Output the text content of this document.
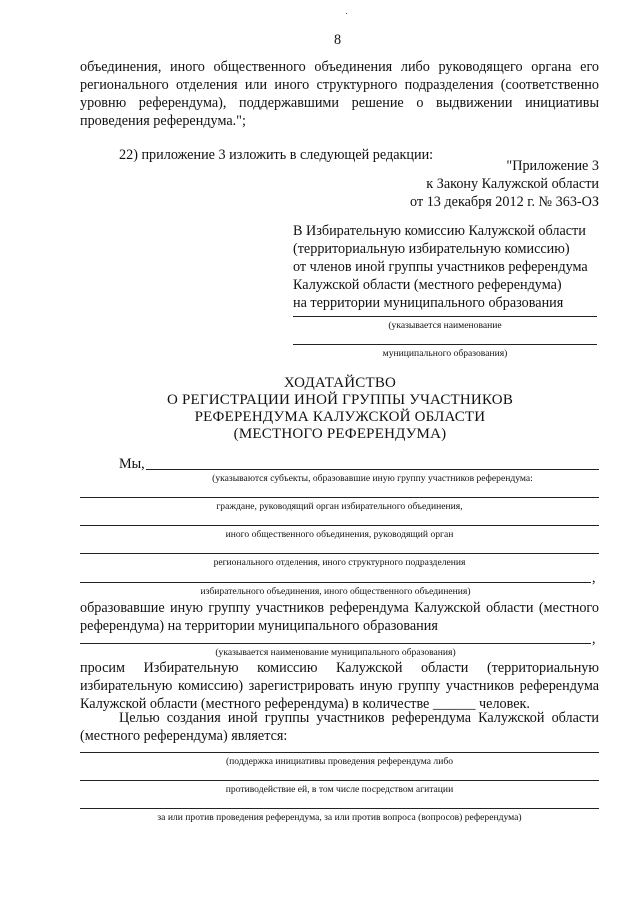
8
объединения, иного общественного объединения либо руководящего органа его
регионального отделения или иного структурного подразделения (соответственно
уровню референдума), поддержавшими решение о выдвижении инициативы
проведения референдума.";
22) приложение 3 изложить в следующей редакции:
"Приложение 3
к Закону Калужской области
от 13 декабря 2012 г. № 363-ОЗ
В Избирательную комиссию Калужской области
(территориальную избирательную комиссию)
от членов иной группы участников референдума
Калужской области (местного референдума)
на территории муниципального образования
(указывается наименование
муниципального образования)
ХОДАТАЙСТВО
О РЕГИСТРАЦИИ ИНОЙ ГРУППЫ УЧАСТНИКОВ
РЕФЕРЕНДУМА КАЛУЖСКОЙ ОБЛАСТИ
(МЕСТНОГО РЕФЕРЕНДУМА)
Мы,
(указываются субъекты, образовавшие иную группу участников референдума:
граждане, руководящий орган избирательного объединения,
иного общественного объединения, руководящий орган
регионального отделения, иного структурного подразделения
,
избирательного объединения, иного общественного объединения)
образовавшие иную группу участников референдума Калужской области (местного
референдума) на территории муниципального образования
,
(указывается наименование муниципального образования)
просим Избирательную комиссию Калужской области (территориальную
избирательную комиссию) зарегистрировать иную группу участников референдума
Калужской области (местного референдума) в количестве ______ человек.
Целью создания иной группы участников референдума Калужской области
(местного референдума) является:
(поддержка инициативы проведения референдума либо
противодействие ей, в том числе посредством агитации
за или против проведения референдума, за или против вопроса (вопросов) референдума)
